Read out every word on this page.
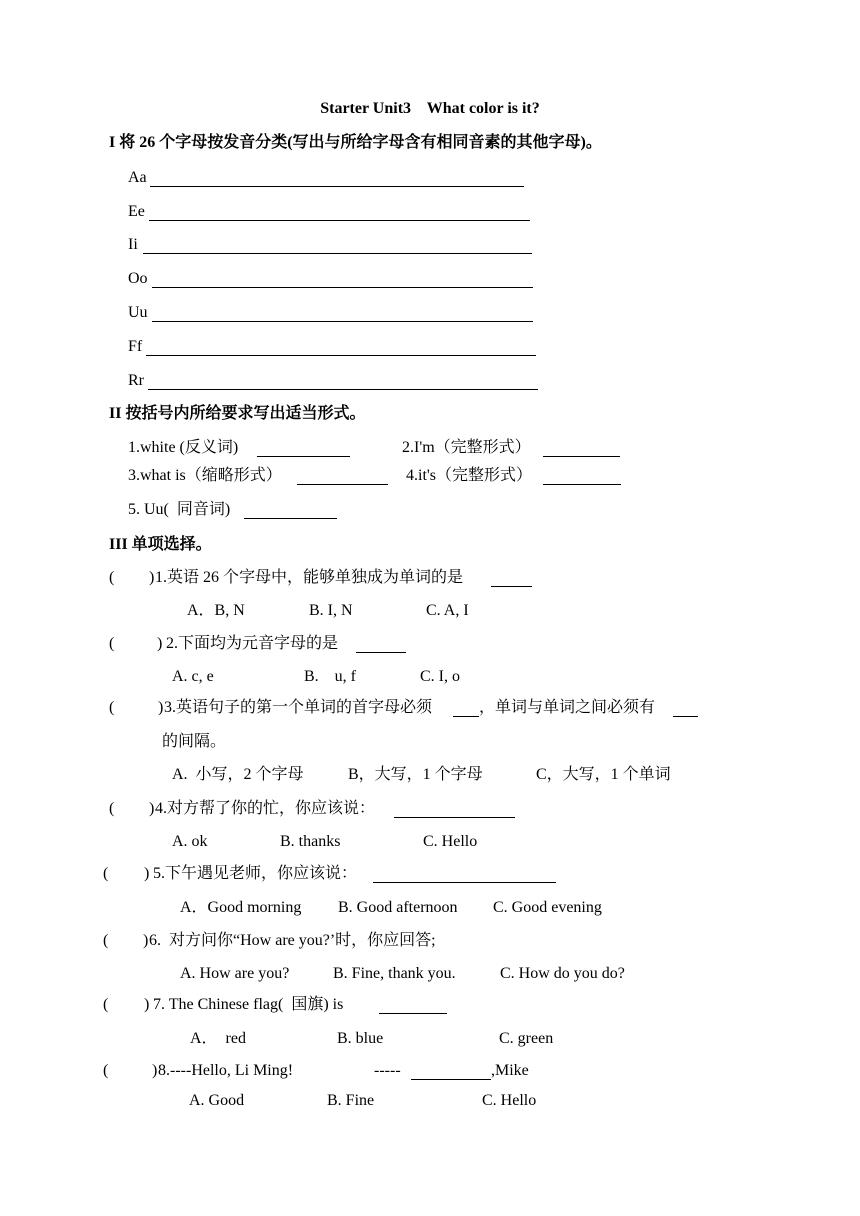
Starter Unit3    What color is it?
I 将 26 个字母按发音分类(写出与所给字母含有相同音素的其他字母)。
Aa
Ee
Ii
Oo
Uu
Ff
Rr
II 按括号内所给要求写出适当形式。
1.white (反义词)	2.I'm（完整形式）
3.what is（缩略形式）	4.it's（完整形式）
5. Uu(  同音词)
III 单项选择。
( ) 1.英语 26 个字母中，能够单独成为单词的是
A．B, N	B. I, N	C. A, I
(	) 2.下面均为元音字母的是
A. c, e	B.    u, f	C. I, o
(	) 3.英语句子的第一个单词的首字母必须	，单词与单词之间必须有
的间隔。
A.  小写，2 个字母	B，大写，1 个字母	C，大写，1 个单词
( ) 4.对方帮了你的忙，你应该说：
A. ok	B. thanks	C. Hello
( ) 5.下午遇见老师，你应该说：
A．Good morning B. Good afternoon C. Good evening
( ) 6.  对方问你“How are you?’时，你应回答;
A. How are you?	B. Fine, thank you.	C. How do you do?
( ) 7. The Chinese flag(  国旗) is
A．  red	B. blue	C. green
(	) 8.----Hello, Li Ming!	-----	,Mike
A. Good	B. Fine	C. Hello
